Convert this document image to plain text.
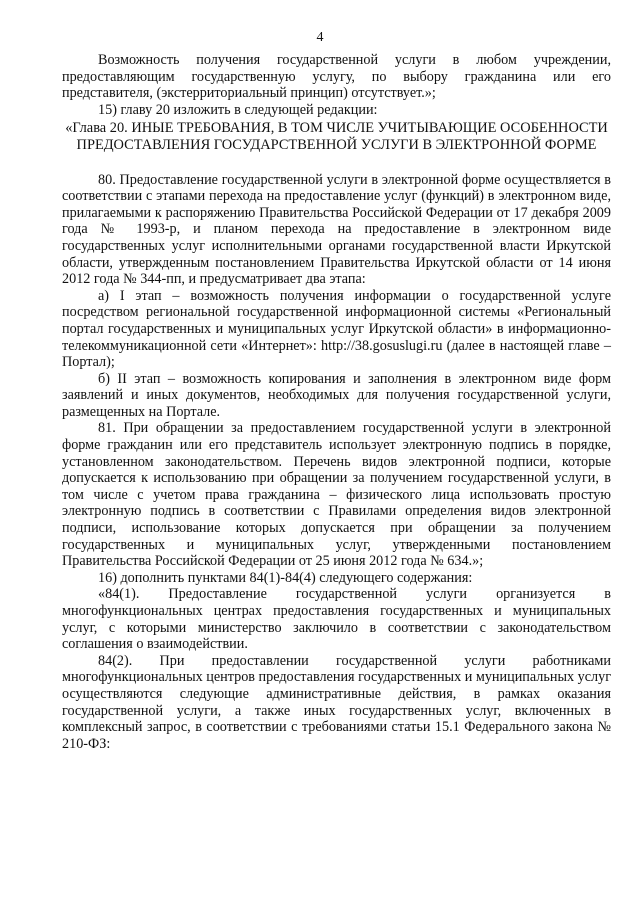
4

Возможность получения государственной услуги в любом учреждении, предоставляющим государственную услугу, по выбору гражданина или его представителя, (экстерриториальный принцип) отсутствует.»;

15) главу 20 изложить в следующей редакции:

«Глава 20. ИНЫЕ ТРЕБОВАНИЯ, В ТОМ ЧИСЛЕ УЧИТЫВАЮЩИЕ ОСОБЕННОСТИ ПРЕДОСТАВЛЕНИЯ ГОСУДАРСТВЕННОЙ УСЛУГИ В ЭЛЕКТРОННОЙ ФОРМЕ

80. Предоставление государственной услуги в электронной форме осуществляется в соответствии с этапами перехода на предоставление услуг (функций) в электронном виде, прилагаемыми к распоряжению Правительства Российской Федерации от 17 декабря 2009 года № 1993-р, и планом перехода на предоставление в электронном виде государственных услуг исполнительными органами государственной власти Иркутской области, утвержденным постановлением Правительства Иркутской области от 14 июня 2012 года № 344-пп, и предусматривает два этапа:

а) I этап – возможность получения информации о государственной услуге посредством региональной государственной информационной системы «Региональный портал государственных и муниципальных услуг Иркутской области» в информационно-телекоммуникационной сети «Интернет»: http://38.gosuslugi.ru (далее в настоящей главе – Портал);

б) II этап – возможность копирования и заполнения в электронном виде форм заявлений и иных документов, необходимых для получения государственной услуги, размещенных на Портале.

81. При обращении за предоставлением государственной услуги в электронной форме гражданин или его представитель использует электронную подпись в порядке, установленном законодательством. Перечень видов электронной подписи, которые допускается к использованию при обращении за получением государственной услуги, в том числе с учетом права гражданина – физического лица использовать простую электронную подпись в соответствии с Правилами определения видов электронной подписи, использование которых допускается при обращении за получением государственных и муниципальных услуг, утвержденными постановлением Правительства Российской Федерации от 25 июня 2012 года № 634.»;

16) дополнить пунктами 84(1)-84(4) следующего содержания:

«84(1). Предоставление государственной услуги организуется в многофункциональных центрах предоставления государственных и муниципальных услуг, с которыми министерство заключило в соответствии с законодательством соглашения о взаимодействии.

84(2). При предоставлении государственной услуги работниками многофункциональных центров предоставления государственных и муниципальных услуг осуществляются следующие административные действия, в рамках оказания государственной услуги, а также иных государственных услуг, включенных в комплексный запрос, в соответствии с требованиями статьи 15.1 Федерального закона № 210-ФЗ:
